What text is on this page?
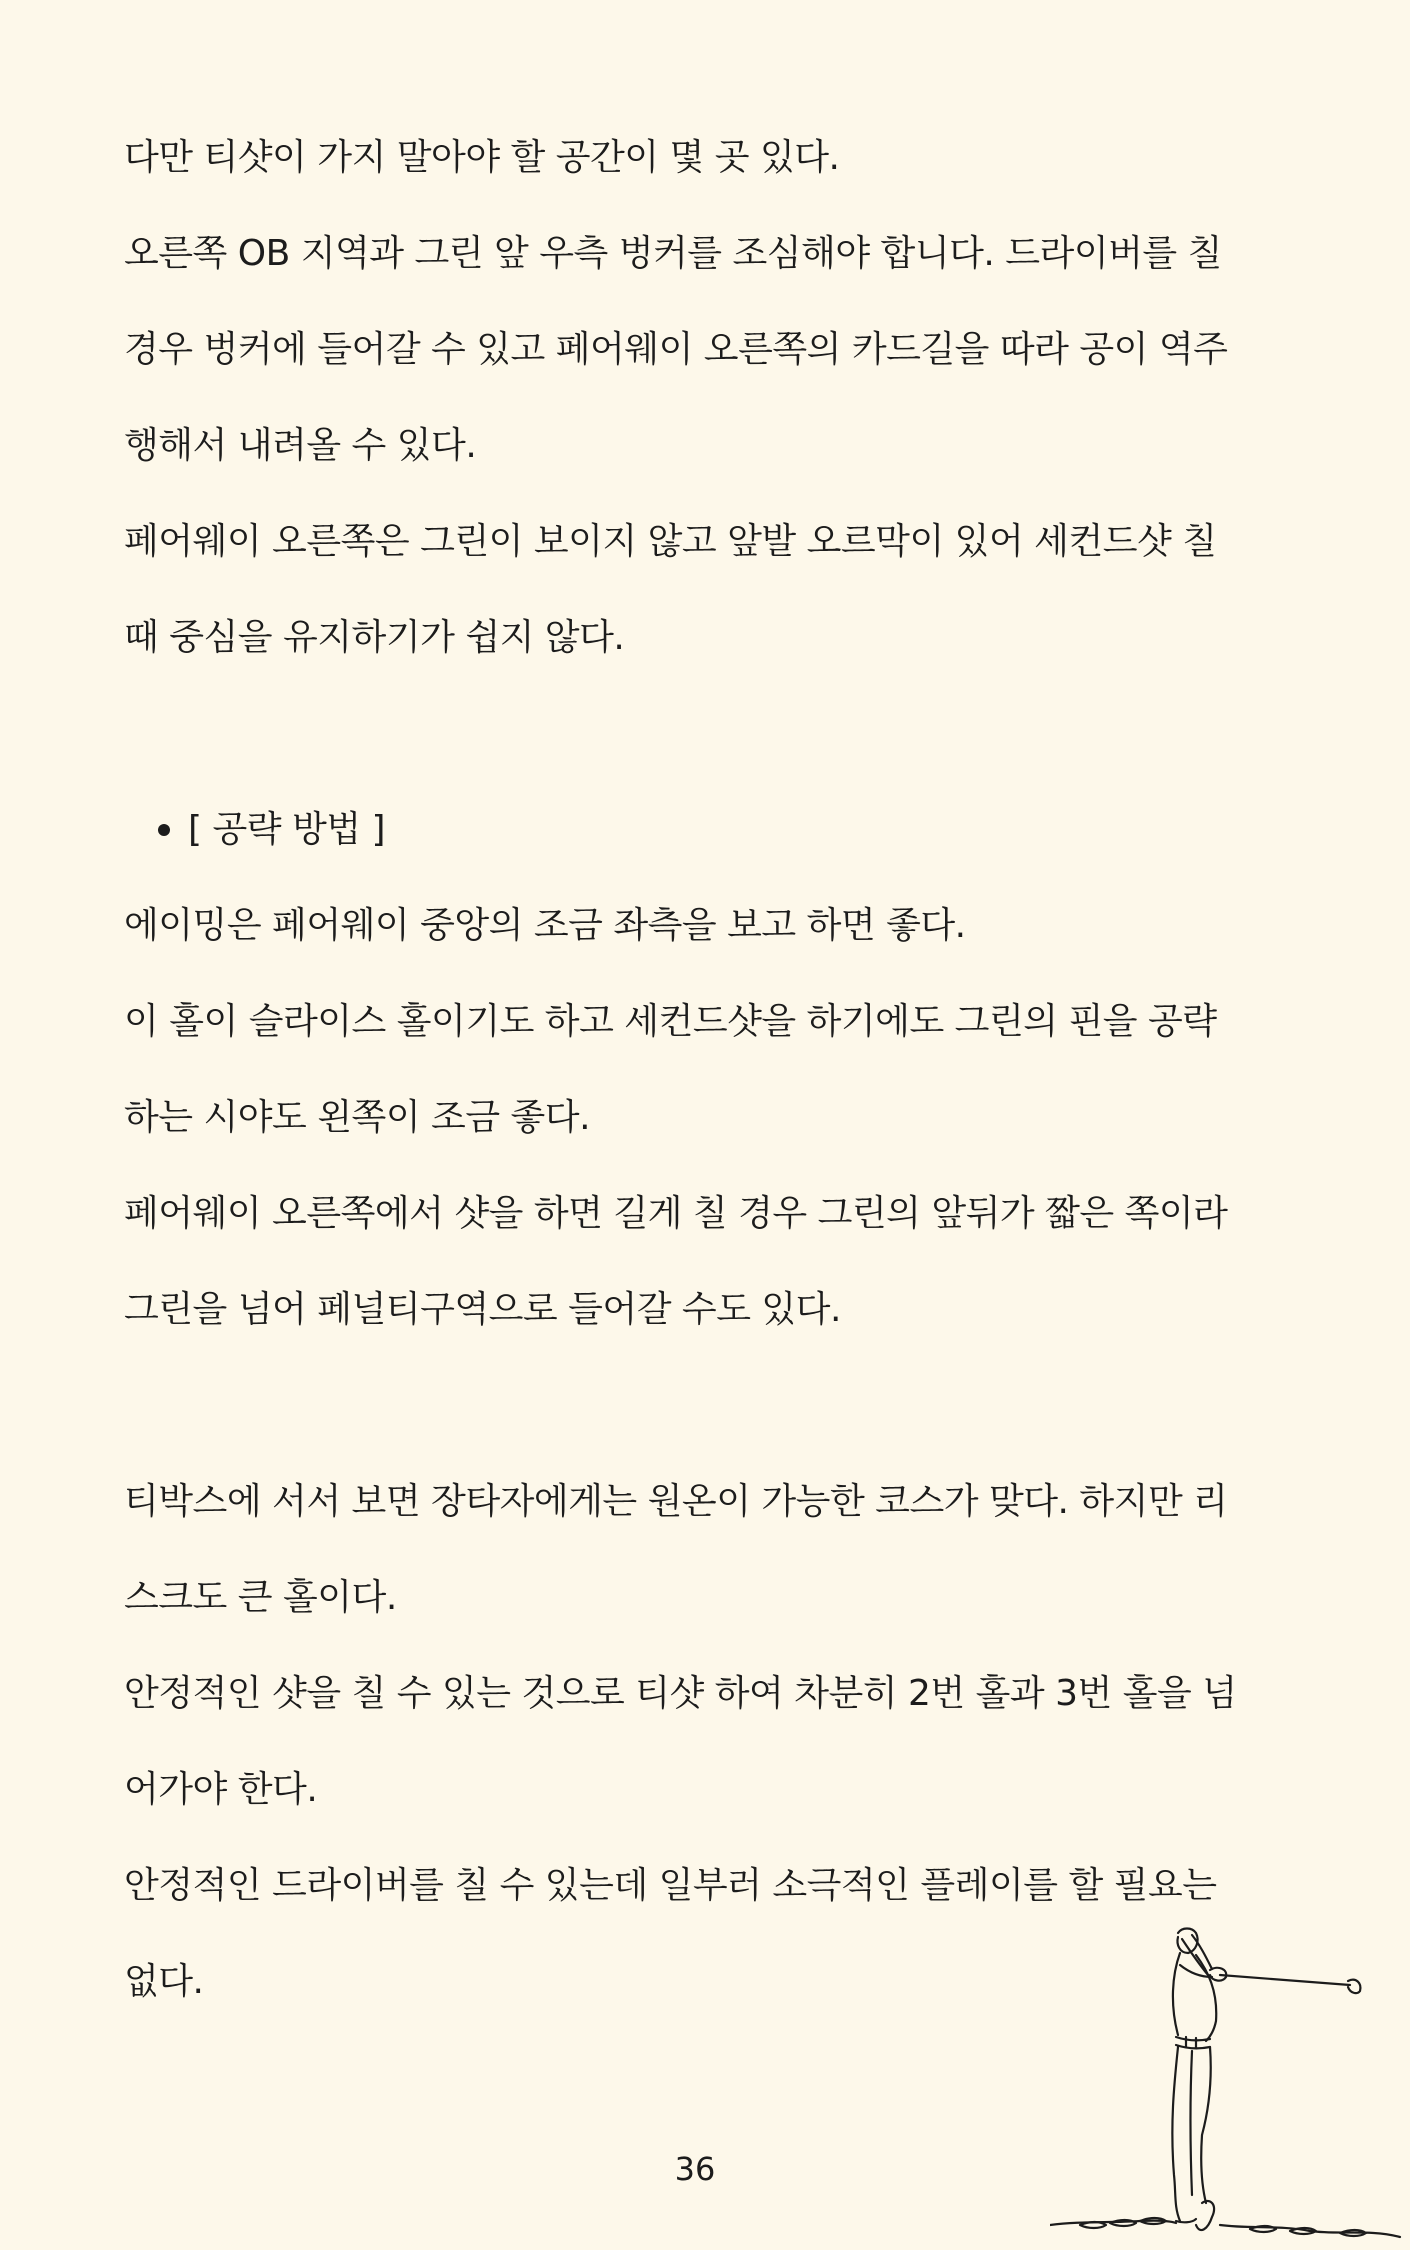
다만 티샷이 가지 말아야 할 공간이 몇 곳 있다.
오른쪽 OB 지역과 그린 앞 우측 벙커를 조심해야 합니다. 드라이버를 칠
경우 벙커에 들어갈 수 있고 페어웨이 오른쪽의 카드길을 따라 공이 역주
행해서 내려올 수 있다.
페어웨이 오른쪽은 그린이 보이지 않고 앞발 오르막이 있어 세컨드샷 칠
때 중심을 유지하기가 쉽지 않다.
[ 공략 방법 ]
에이밍은 페어웨이 중앙의 조금 좌측을 보고 하면 좋다.
이 홀이 슬라이스 홀이기도 하고 세컨드샷을 하기에도 그린의 핀을 공략
하는 시야도 왼쪽이 조금 좋다.
페어웨이 오른쪽에서 샷을 하면 길게 칠 경우 그린의 앞뒤가 짧은 쪽이라
그린을 넘어 페널티구역으로 들어갈 수도 있다.
티박스에 서서 보면 장타자에게는 원온이 가능한 코스가 맞다. 하지만 리
스크도 큰 홀이다.
안정적인 샷을 칠 수 있는 것으로 티샷 하여 차분히 2번 홀과 3번 홀을 넘
어가야 한다.
안정적인 드라이버를 칠 수 있는데 일부러 소극적인 플레이를 할 필요는
없다.
36
